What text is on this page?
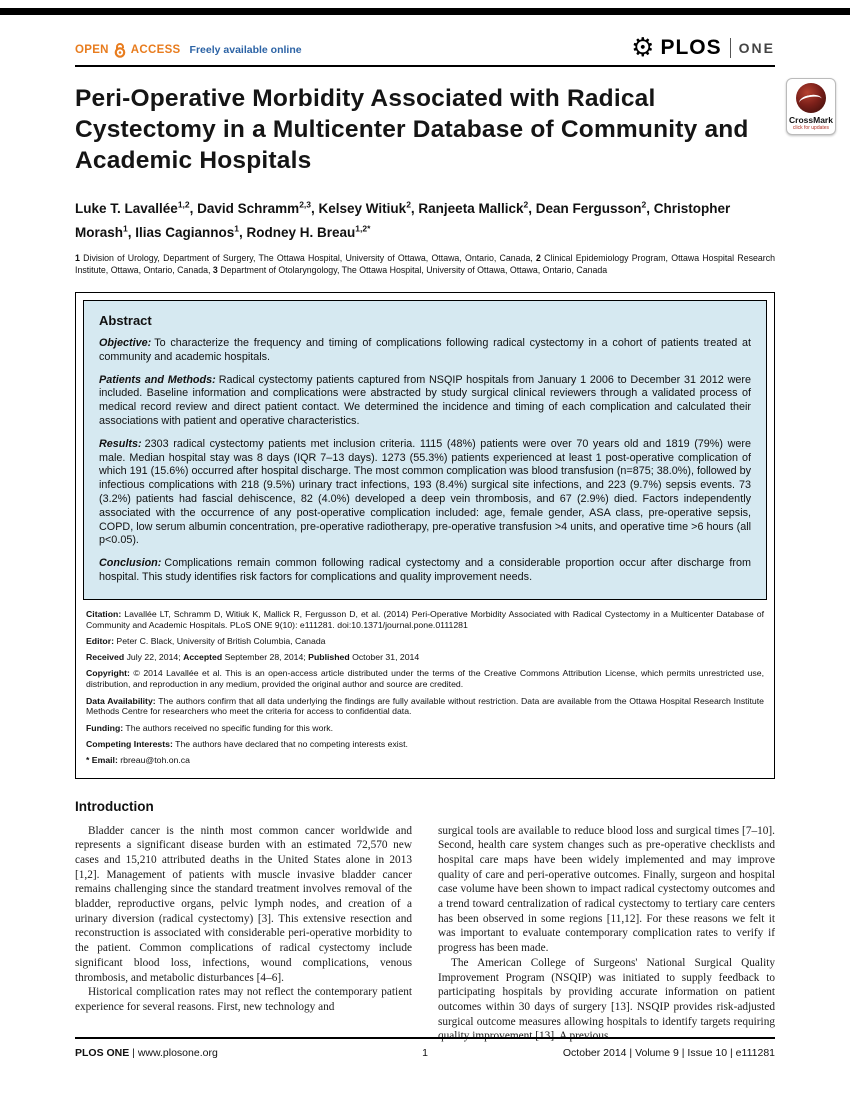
OPEN ACCESS Freely available online	⚙ PLOS ONE
Peri-Operative Morbidity Associated with Radical Cystectomy in a Multicenter Database of Community and Academic Hospitals
CrossMark
click for updates

Luke T. Lavallée$^{1,2}$, David Schramm$^{2,3}$, Kelsey Witiuk$^2$, Ranjeeta Mallick$^2$, Dean Fergusson$^2$, Christopher Morash$^1$, Ilias Cagiannos$^1$, Rodney H. Breau$^{1,2*}$

1 Division of Urology, Department of Surgery, The Ottawa Hospital, University of Ottawa, Ottawa, Ontario, Canada, 2 Clinical Epidemiology Program, Ottawa Hospital Research Institute, Ottawa, Ontario, Canada, 3 Department of Otolaryngology, The Ottawa Hospital, University of Ottawa, Ottawa, Ontario, Canada

Abstract

Objective: To characterize the frequency and timing of complications following radical cystectomy in a cohort of patients treated at community and academic hospitals.

Patients and Methods: Radical cystectomy patients captured from NSQIP hospitals from January 1 2006 to December 31 2012 were included. Baseline information and complications were abstracted by study surgical clinical reviewers through a validated process of medical record review and direct patient contact. We determined the incidence and timing of each complication and calculated their associations with patient and operative characteristics.

Results: 2303 radical cystectomy patients met inclusion criteria. 1115 (48%) patients were over 70 years old and 1819 (79%) were male. Median hospital stay was 8 days (IQR 7–13 days). 1273 (55.3%) patients experienced at least 1 post-operative complication of which 191 (15.6%) occurred after hospital discharge. The most common complication was blood transfusion (n=875; 38.0%), followed by infectious complications with 218 (9.5%) urinary tract infections, 193 (8.4%) surgical site infections, and 223 (9.7%) sepsis events. 73 (3.2%) patients had fascial dehiscence, 82 (4.0%) developed a deep vein thrombosis, and 67 (2.9%) died. Factors independently associated with the occurrence of any post-operative complication included: age, female gender, ASA class, pre-operative sepsis, COPD, low serum albumin concentration, pre-operative radiotherapy, pre-operative transfusion >4 units, and operative time >6 hours (all p<0.05).

Conclusion: Complications remain common following radical cystectomy and a considerable proportion occur after discharge from hospital. This study identifies risk factors for complications and quality improvement needs.

Citation: Lavallée LT, Schramm D, Witiuk K, Mallick R, Fergusson D, et al. (2014) Peri-Operative Morbidity Associated with Radical Cystectomy in a Multicenter Database of Community and Academic Hospitals. PLoS ONE 9(10): e111281. doi:10.1371/journal.pone.0111281

Editor: Peter C. Black, University of British Columbia, Canada

Received July 22, 2014; Accepted September 28, 2014; Published October 31, 2014

Copyright: © 2014 Lavallée et al. This is an open-access article distributed under the terms of the Creative Commons Attribution License, which permits unrestricted use, distribution, and reproduction in any medium, provided the original author and source are credited.

Data Availability: The authors confirm that all data underlying the findings are fully available without restriction. Data are available from the Ottawa Hospital Research Institute Methods Centre for researchers who meet the criteria for access to confidential data.

Funding: The authors received no specific funding for this work.

Competing Interests: The authors have declared that no competing interests exist.

* Email: rbreau@toh.on.ca

Introduction

Bladder cancer is the ninth most common cancer worldwide and represents a significant disease burden with an estimated 72,570 new cases and 15,210 attributed deaths in the United States alone in 2013 [1,2]. Management of patients with muscle invasive bladder cancer remains challenging since the standard treatment involves removal of the bladder, reproductive organs, pelvic lymph nodes, and creation of a urinary diversion (radical cystectomy) [3]. This extensive resection and reconstruction is associated with considerable peri-operative morbidity to the patient. Common complications of radical cystectomy include significant blood loss, infections, wound complications, venous thrombosis, and metabolic disturbances [4–6].

Historical complication rates may not reflect the contemporary patient experience for several reasons. First, new technology and

surgical tools are available to reduce blood loss and surgical times [7–10]. Second, health care system changes such as pre-operative checklists and hospital care maps have been widely implemented and may improve quality of care and peri-operative outcomes. Finally, surgeon and hospital case volume have been shown to impact radical cystectomy outcomes and a trend toward centralization of radical cystectomy to tertiary care centers has been observed in some regions [11,12]. For these reasons we felt it was important to evaluate contemporary complication rates to verify if progress has been made.

The American College of Surgeons' National Surgical Quality Improvement Program (NSQIP) was initiated to supply feedback to participating hospitals by providing accurate information on patient outcomes within 30 days of surgery [13]. NSQIP provides risk-adjusted surgical outcome measures allowing hospitals to identify targets requiring quality improvement [13]. A previous

PLOS ONE | www.plosone.org	1	October 2014 | Volume 9 | Issue 10 | e111281
